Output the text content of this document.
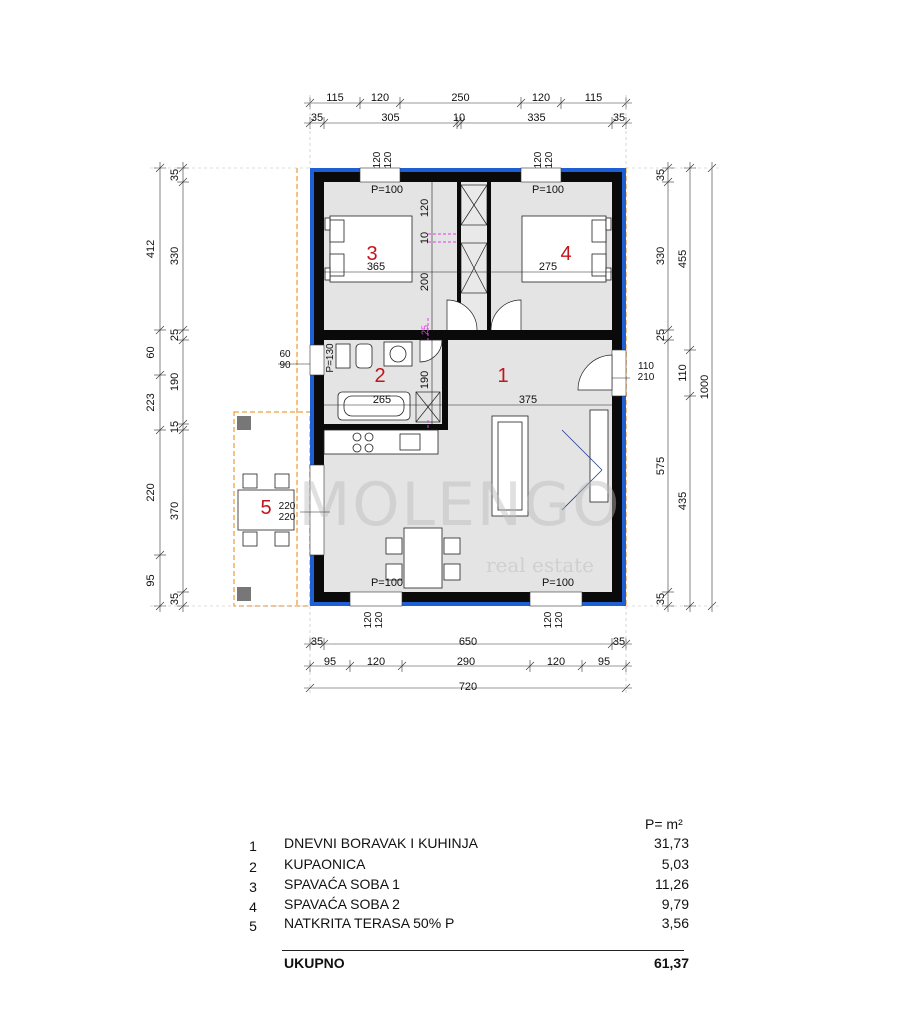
MOLENGO
real estate
1
2
3	4
5
365	275
375
265
120
10
200
190
25
P=100	P=100
P=100	P=100
P=130
120120	120120
120120	120120
60 90	110 210
220 220
115 120	250	120	115
35	305	10	335	35
35	650	35
95	120	290	120	95
720
412
60
223
220
95
35
330
25
190
15
370
35
35
330
25
575
35
455
110
435
1000
P= m²
1	DNEVNI BORAVAK I KUHINJA	31,73
2	KUPAONICA	5,03
3	SPAVAĆA SOBA 1	11,26
4	SPAVAĆA SOBA 2	9,79
5	NATKRITA TERASA 50% P	3,56
UKUPNO	61,37
